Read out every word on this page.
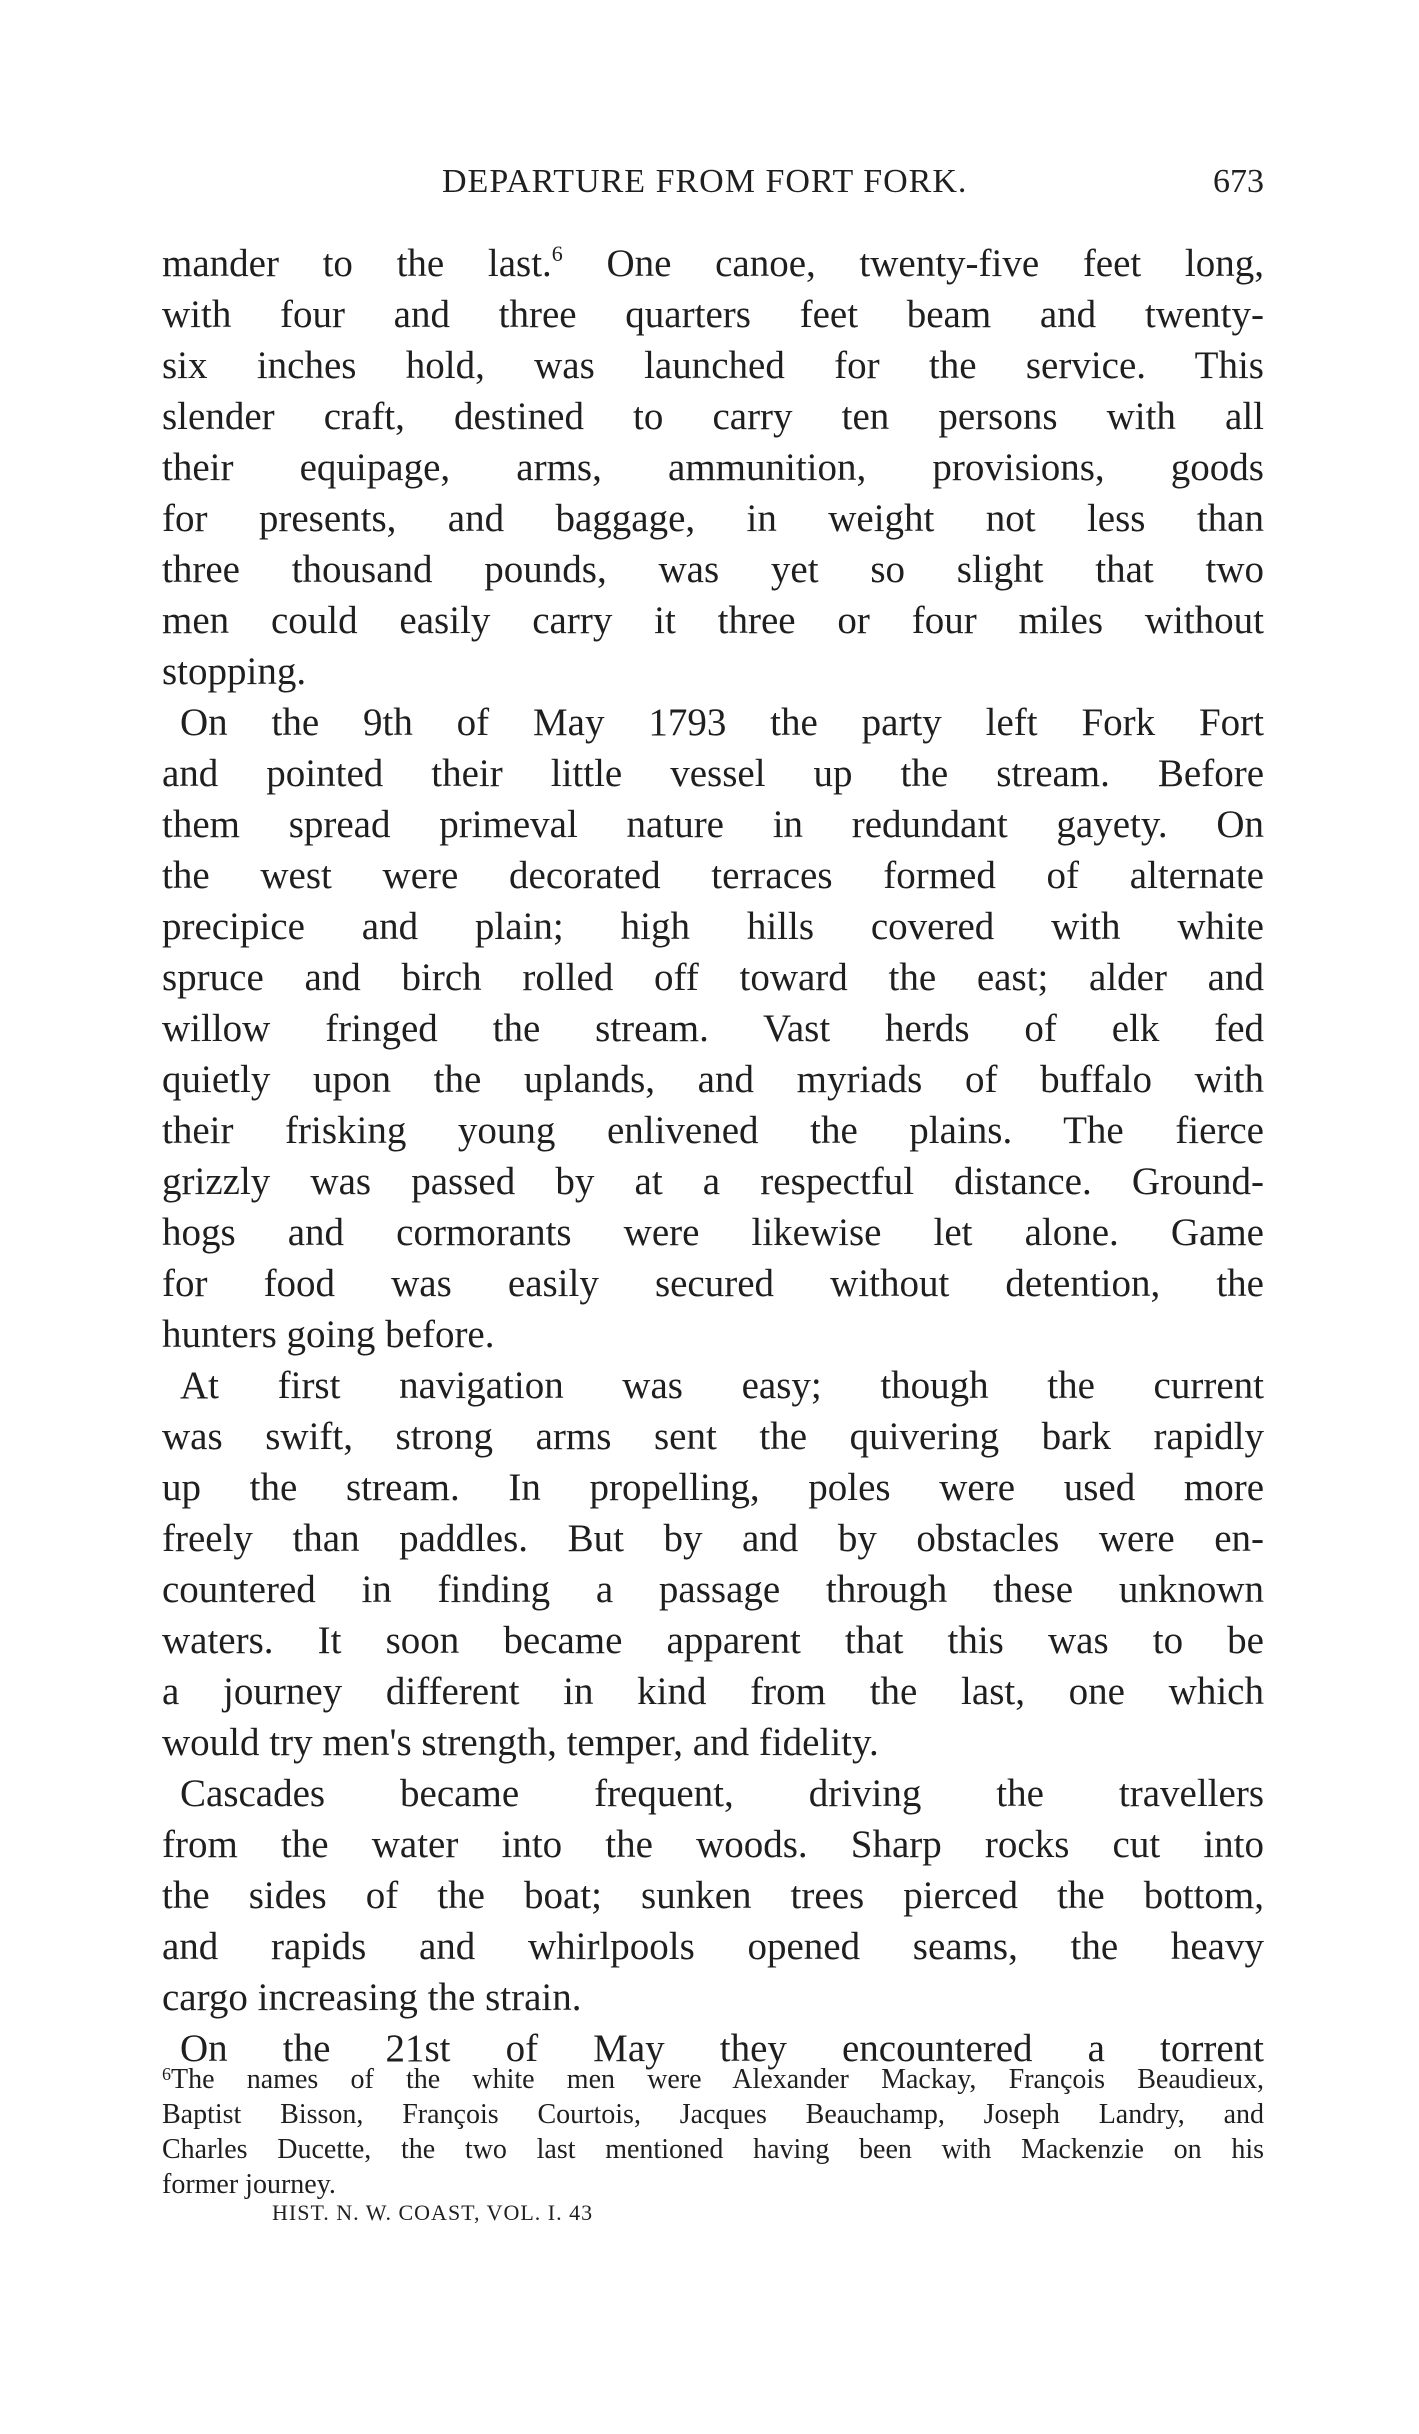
DEPARTURE FROM FORT FORK.	673
mander to the last.$^6$ One canoe, twenty-five feet long,
with four and three quarters feet beam and twenty-
six inches hold, was launched for the service. This
slender craft, destined to carry ten persons with all
their equipage, arms, ammunition, provisions, goods
for presents, and baggage, in weight not less than
three thousand pounds, was yet so slight that two
men could easily carry it three or four miles without
stopping.
On the 9th of May 1793 the party left Fork Fort
and pointed their little vessel up the stream. Before
them spread primeval nature in redundant gayety. On
the west were decorated terraces formed of alternate
precipice and plain; high hills covered with white
spruce and birch rolled off toward the east; alder and
willow fringed the stream. Vast herds of elk fed
quietly upon the uplands, and myriads of buffalo with
their frisking young enlivened the plains. The fierce
grizzly was passed by at a respectful distance. Ground-
hogs and cormorants were likewise let alone. Game
for food was easily secured without detention, the
hunters going before.
At first navigation was easy; though the current
was swift, strong arms sent the quivering bark rapidly
up the stream. In propelling, poles were used more
freely than paddles. But by and by obstacles were en-
countered in finding a passage through these unknown
waters. It soon became apparent that this was to be
a journey different in kind from the last, one which
would try men's strength, temper, and fidelity.
Cascades became frequent, driving the travellers
from the water into the woods. Sharp rocks cut into
the sides of the boat; sunken trees pierced the bottom,
and rapids and whirlpools opened seams, the heavy
cargo increasing the strain.
On the 21st of May they encountered a torrent
$^6$The names of the white men were Alexander Mackay, François Beaudieux,
Baptist Bisson, François Courtois, Jacques Beauchamp, Joseph Landry, and
Charles Ducette, the two last mentioned having been with Mackenzie on his
former journey.
HIST. N. W. COAST, VOL. I. 43
